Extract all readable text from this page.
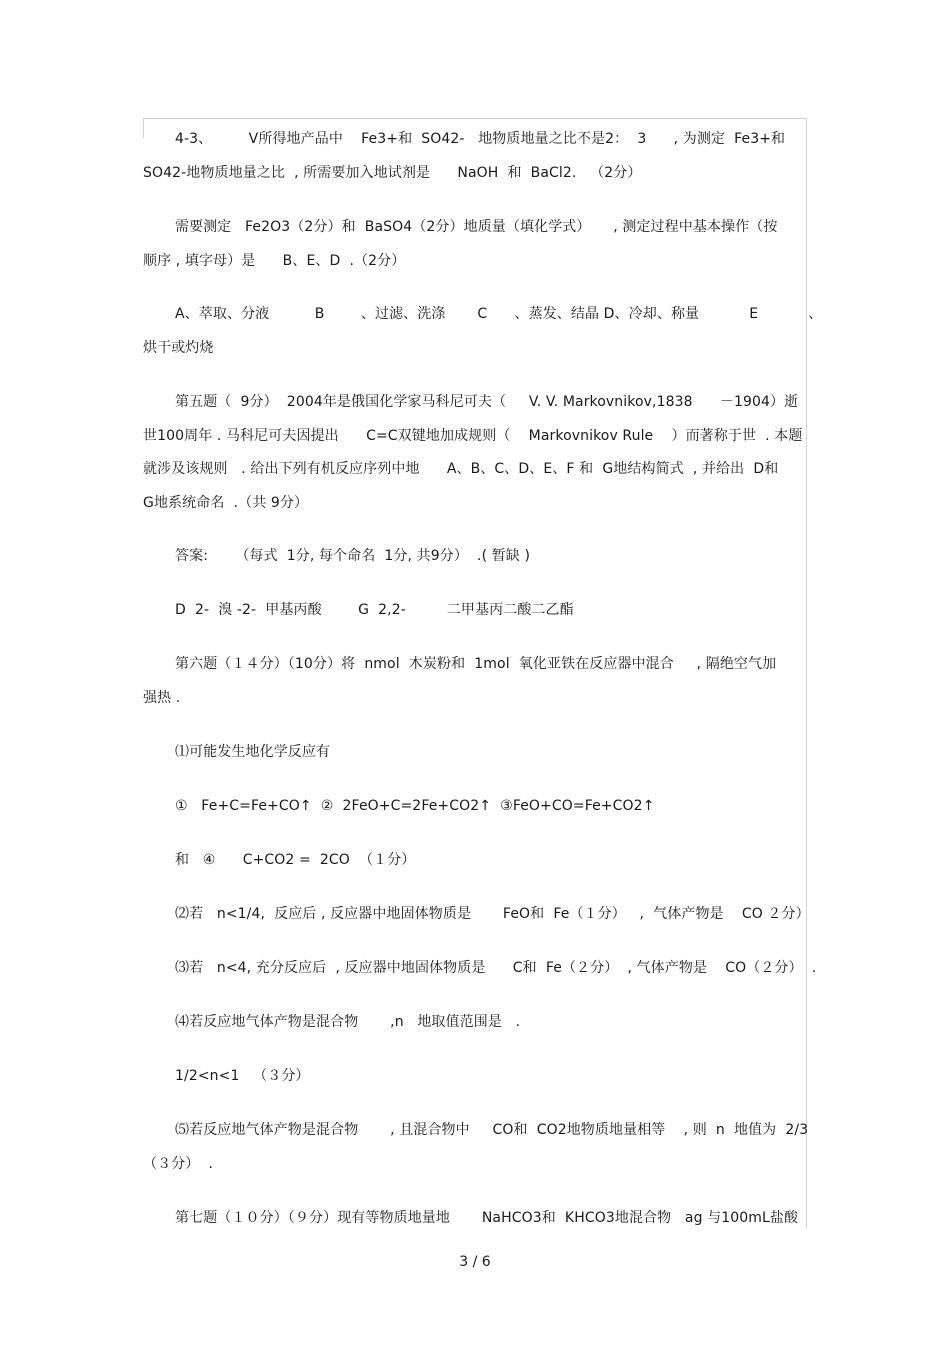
4-3、        V所得地产品中    Fe3+和  SO42-   地物质地量之比不是2：  3      , 为测定  Fe3+和
SO42-地物质地量之比  , 所需要加入地试剂是      NaOH  和  BaCl2.   （2分）
需要测定   Fe2O3（2分）和  BaSO4（2分）地质量（填化学式）     , 测定过程中基本操作（按
顺序 , 填字母）是      B、E、D  .（2分）
A、萃取、分液          B        、过滤、洗涤       C      、蒸发、结晶 D、冷却、称量           E           、
烘干或灼烧
第五题（  9分）  2004年是俄国化学家马科尼可夫（     V. V. Markovnikov,1838      －1904）逝
世100周年 . 马科尼可夫因提出      C=C双键地加成规则（    Markovnikov Rule    ）而著称于世  . 本题
就涉及该规则   . 给出下列有机反应序列中地      A、B、C、D、E、F 和  G地结构简式  , 并给出  D和
G地系统命名  .（共 9分）
答案:      （每式  1分, 每个命名  1分, 共9分）  .( 暂缺 )
D  2-  溴 -2-  甲基丙酸        G  2,2-         二甲基丙二酸二乙酯
第六题（１４分）（10分）将  nmol  木炭粉和  1mol  氧化亚铁在反应器中混合     , 隔绝空气加
强热 .
⑴可能发生地化学反应有
①   Fe+C=Fe+CO↑  ②  2FeO+C=2Fe+CO2↑  ③FeO+CO=Fe+CO2↑
和   ④      C+CO2 =  2CO  （１分）
⑵若   n<1/4,  反应后 , 反应器中地固体物质是       FeO和  Fe（１分）   ,  气体产物是    CO ２分）
⑶若   n<4, 充分反应后  , 反应器中地固体物质是      C和  Fe（２分）  , 气体产物是    CO（２分）  .
⑷若反应地气体产物是混合物       ,n   地取值范围是   .
1/2<n<1   （３分）
⑸若反应地气体产物是混合物       , 且混合物中     CO和  CO2地物质地量相等    , 则  n  地值为  2/3
（３分）  .
第七题（１０分）（９分）现有等物质地量地       NaHCO3和  KHCO3地混合物   ag 与100mL盐酸
3 / 6
